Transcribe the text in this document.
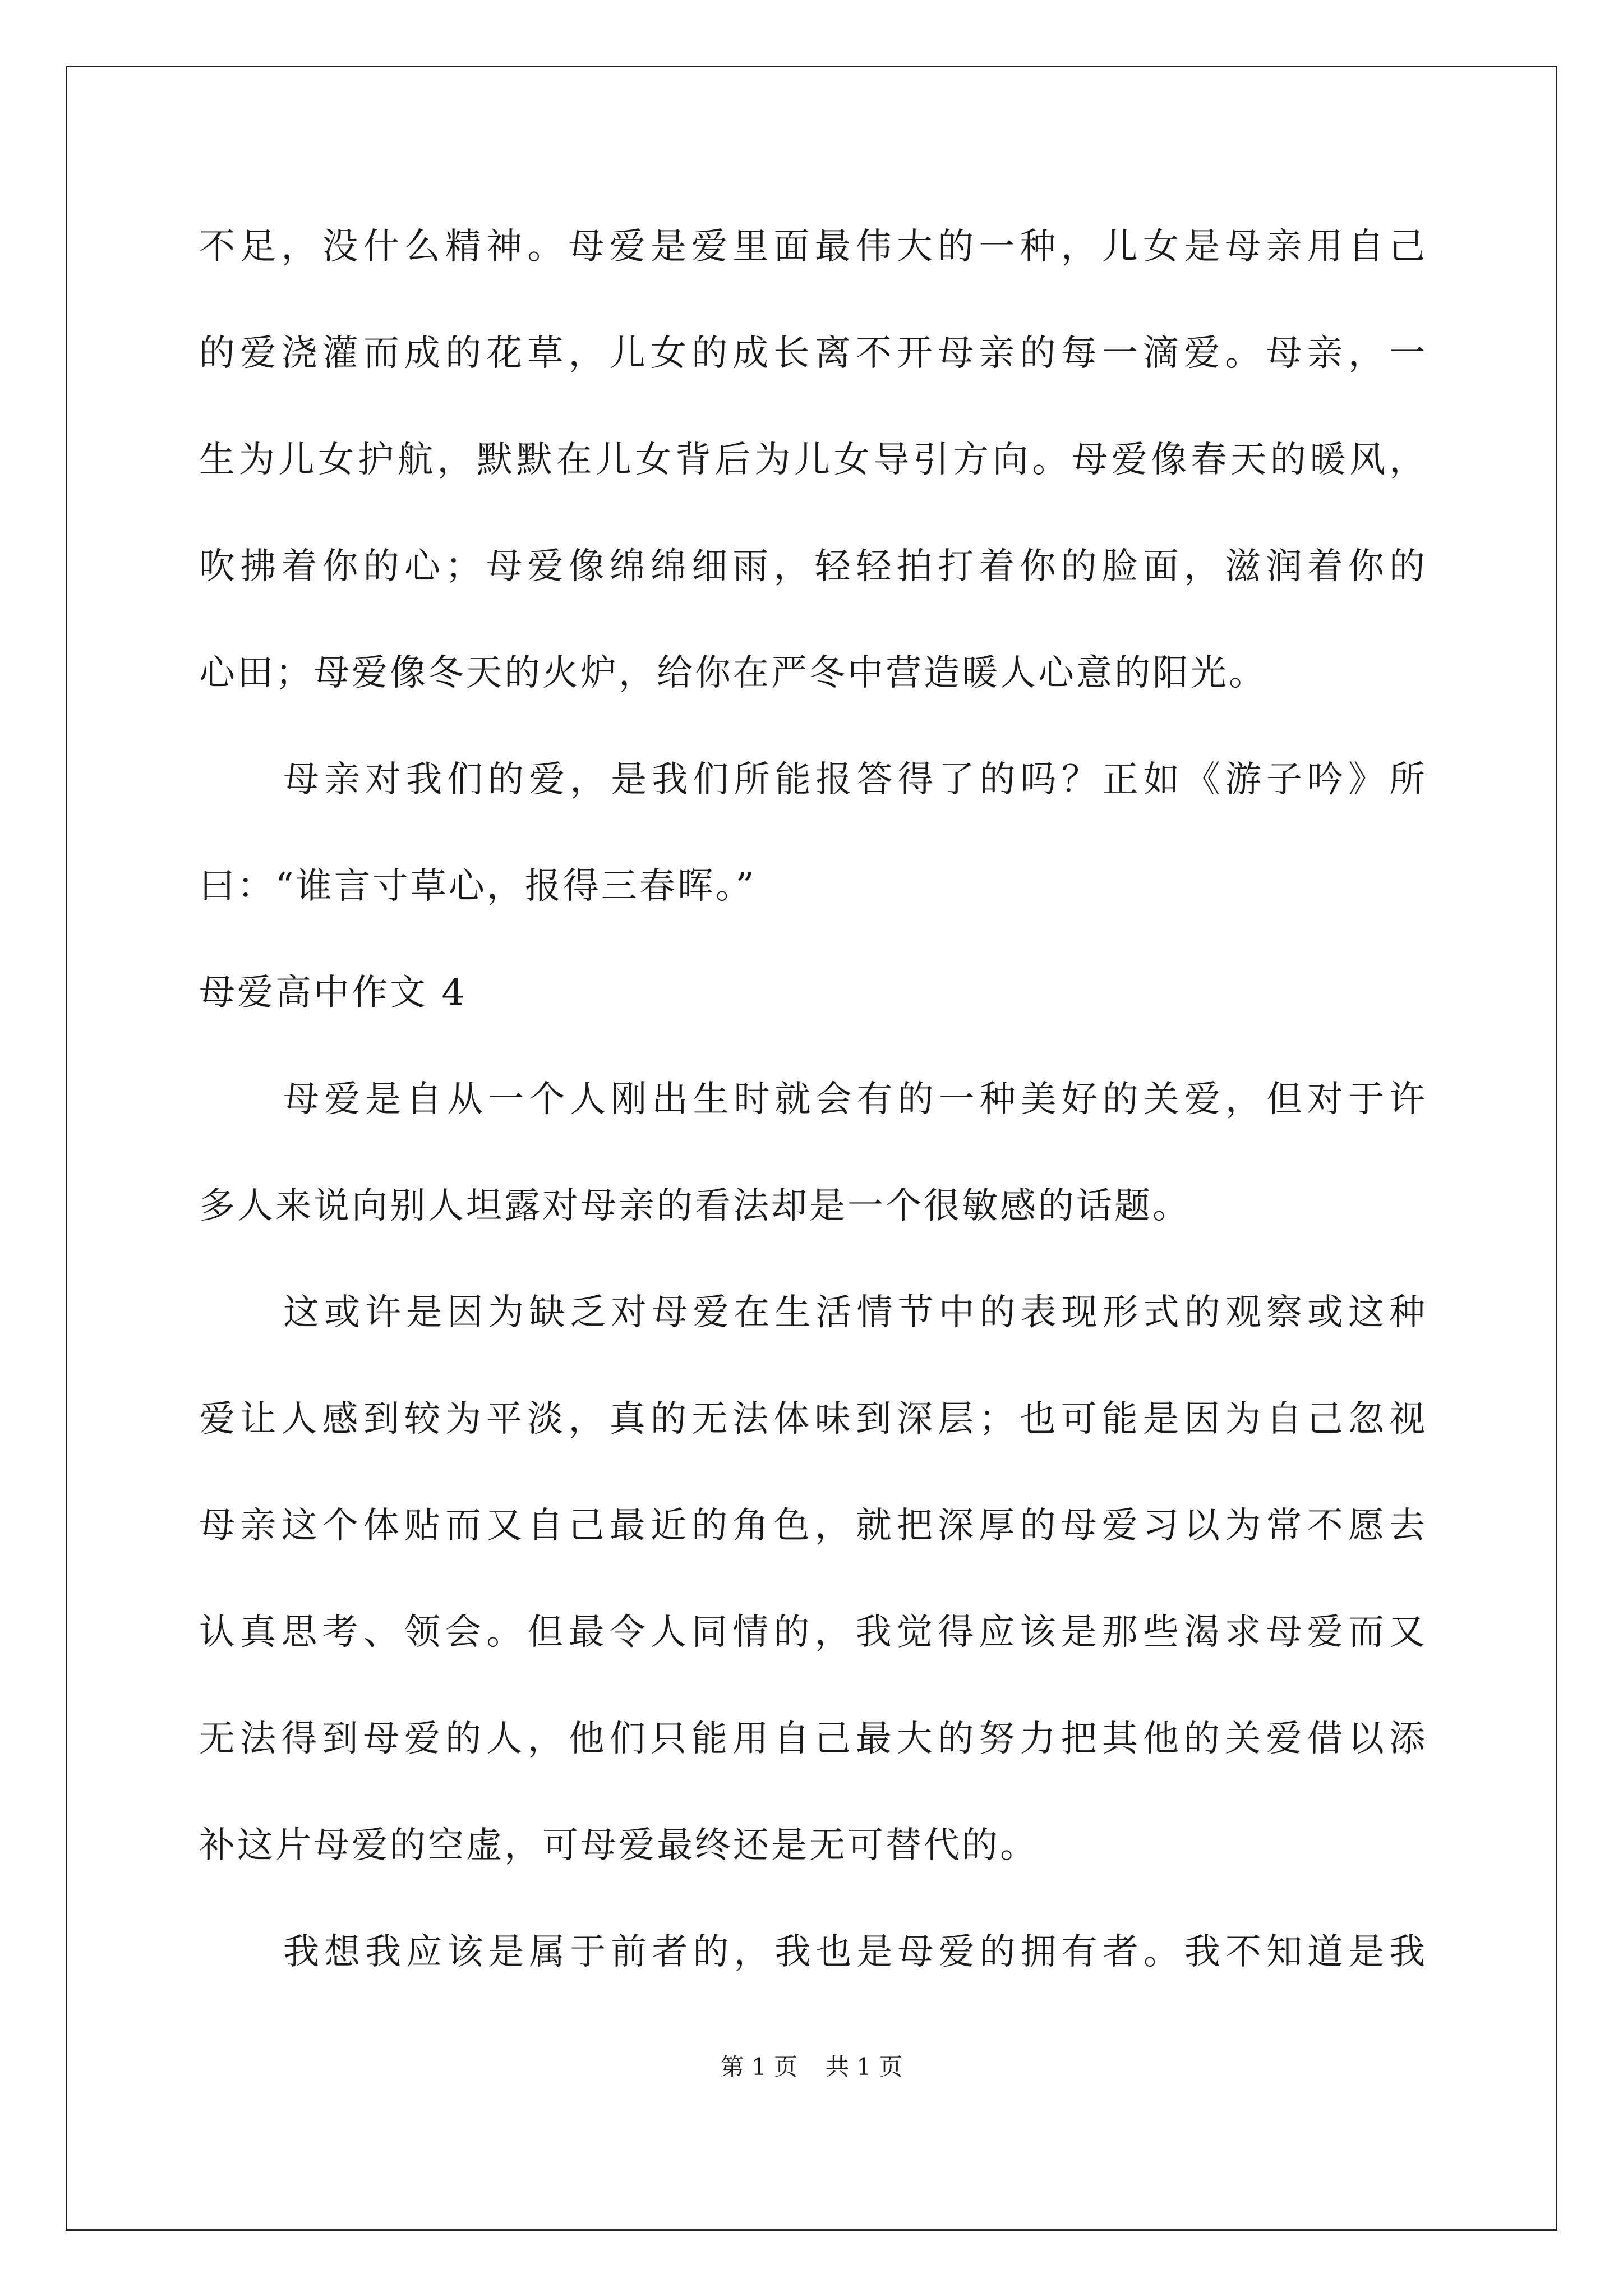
不足，没什么精神。母爱是爱里面最伟大的一种，儿女是母亲用自己
的爱浇灌而成的花草，儿女的成长离不开母亲的每一滴爱。母亲，一
生为儿女护航，默默在儿女背后为儿女导引方向。母爱像春天的暖风，
吹拂着你的心；母爱像绵绵细雨，轻轻拍打着你的脸面，滋润着你的
心田；母爱像冬天的火炉，给你在严冬中营造暖人心意的阳光。
母亲对我们的爱，是我们所能报答得了的吗？正如《游子吟》所
曰：“谁言寸草心，报得三春晖。”
母爱高中作文 4
母爱是自从一个人刚出生时就会有的一种美好的关爱，但对于许
多人来说向别人坦露对母亲的看法却是一个很敏感的话题。
这或许是因为缺乏对母爱在生活情节中的表现形式的观察或这种
爱让人感到较为平淡，真的无法体味到深层；也可能是因为自己忽视
母亲这个体贴而又自己最近的角色，就把深厚的母爱习以为常不愿去
认真思考、领会。但最令人同情的，我觉得应该是那些渴求母爱而又
无法得到母爱的人，他们只能用自己最大的努力把其他的关爱借以添
补这片母爱的空虚，可母爱最终还是无可替代的。
我想我应该是属于前者的，我也是母爱的拥有者。我不知道是我
第 1 页 共 1 页
